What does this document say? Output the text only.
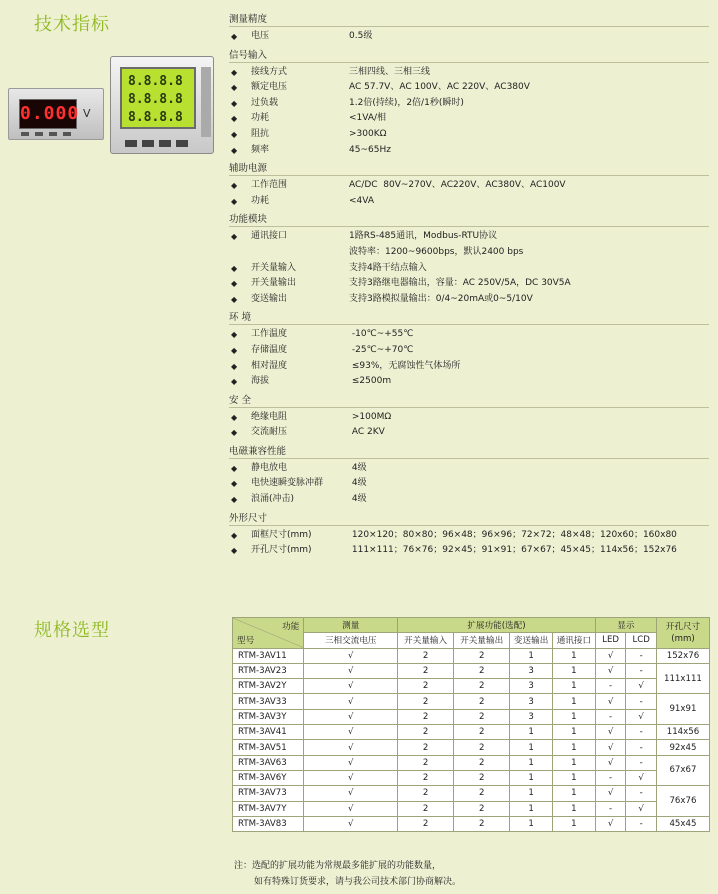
技术指标
0.000 V
8.8.8.8
8.8.8.8
8.8.8.8
测量精度
◆	电压	0.5级
信号输入
◆	接线方式	三相四线、三相三线
◆	额定电压	AC 57.7V、AC 100V、AC 220V、AC380V
◆	过负载	1.2倍(持续)，2倍/1秒(瞬时)
◆	功耗	<1VA/相
◆	阻抗	>300KΩ
◆	频率	45~65Hz
辅助电源
◆	工作范围	AC/DC  80V~270V、AC220V、AC380V、AC100V
◆	功耗	<4VA
功能模块
◆	通讯接口	1路RS-485通讯，Modbus-RTU协议
波特率：1200~9600bps，默认2400 bps
◆	开关量输入	支持4路干结点输入
◆	开关量输出	支持3路继电器输出，容量：AC 250V/5A，DC 30V5A
◆	变送输出	支持3路模拟量输出：0/4~20mA或0~5/10V
环 境
◆	工作温度	-10℃~+55℃
◆	存储温度	-25℃~+70℃
◆	相对湿度	≤93%，无腐蚀性气体场所
◆	海拔	≤2500m
安 全
◆	绝缘电阻	>100MΩ
◆	交流耐压	AC 2KV
电磁兼容性能
◆	静电放电	4级
◆	电快速瞬变脉冲群	4级
◆	浪涌(冲击)	4级
外形尺寸
◆	面框尺寸(mm)	120×120；80×80；96×48；96×96；72×72；48×48；120x60；160x80
◆	开孔尺寸(mm)	111×111；76×76；92×45；91×91；67×67；45×45；114x56；152x76
规格选型	功能
型号	测量	扩展功能(选配)				显示		开孔尺寸
(mm)
	三相交流电压	开关量输入	开关量输出	变送输出	通讯接口	LED	LCD	
RTM-3AV11	√	2	2	1	1	√	-	152x76
RTM-3AV23	√	2	2	3	1	√	-	111x111
RTM-3AV2Y	√	2	2	3	1	-	√	
RTM-3AV33	√	2	2	3	1	√	-	91x91
RTM-3AV3Y	√	2	2	3	1	-	√	
RTM-3AV41	√	2	2	1	1	√	-	114x56
RTM-3AV51	√	2	2	1	1	√	-	92x45
RTM-3AV63	√	2	2	1	1	√	-	67x67
RTM-3AV6Y	√	2	2	1	1	-	√	
RTM-3AV73	√	2	2	1	1	√	-	76x76
RTM-3AV7Y	√	2	2	1	1	-	√	
RTM-3AV83	√	2	2	1	1	√	-	45x45
注：选配的扩展功能为常规最多能扩展的功能数量，
如有特殊订货要求，请与我公司技术部门协商解决。
